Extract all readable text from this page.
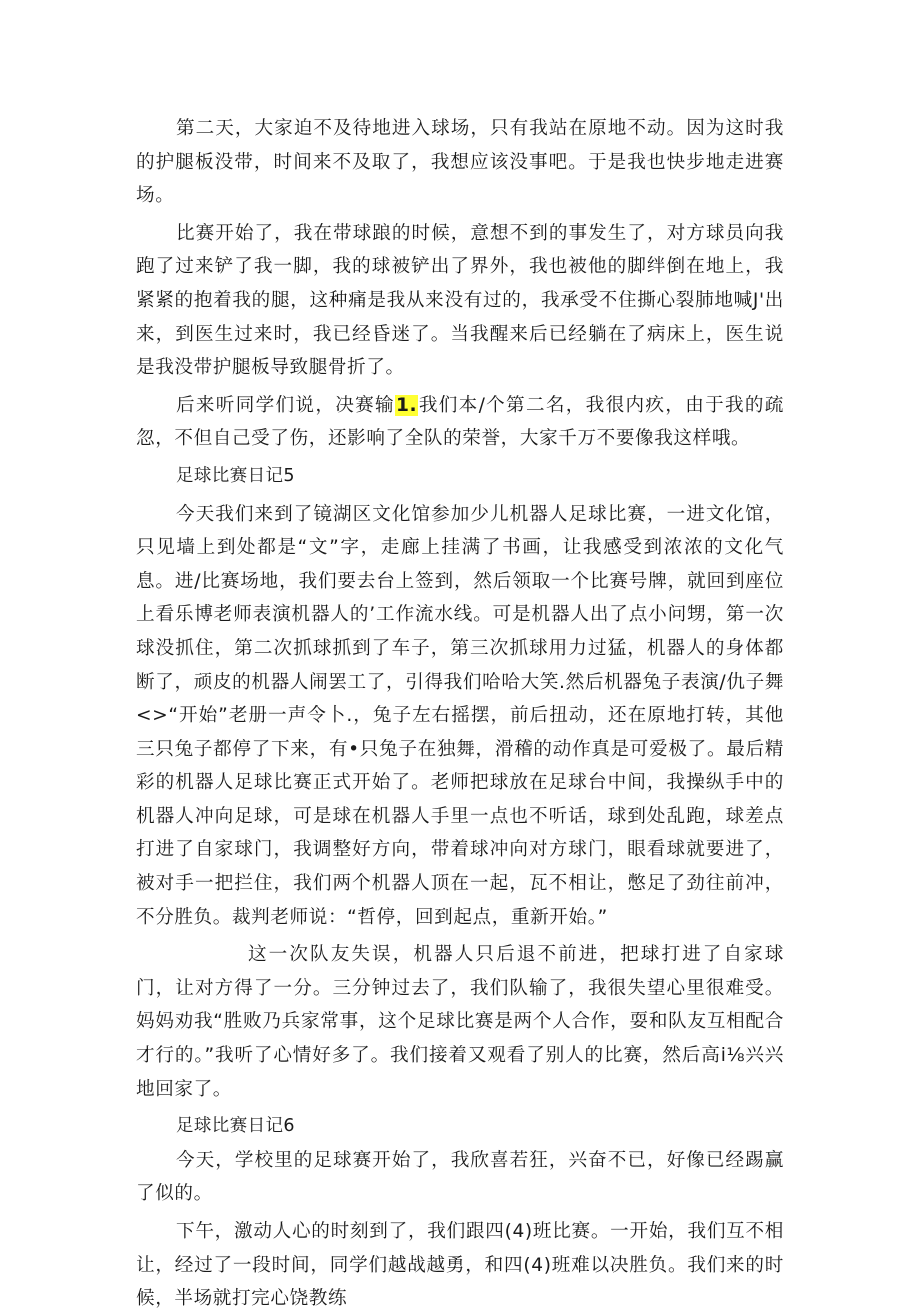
第二天，大家迫不及待地进入球场，只有我站在原地不动。因为这时我的护腿板没带，时间来不及取了，我想应该没事吧。于是我也快步地走进赛场。

比赛开始了，我在带球踉的时候，意想不到的事发生了，对方球员向我跑了过来铲了我一脚，我的球被铲出了界外，我也被他的脚绊倒在地上，我紧紧的抱着我的腿，这种痛是我从来没有过的，我承受不住撕心裂肺地喊J'出来，到医生过来时，我已经昏迷了。当我醒来后已经躺在了病床上，医生说是我没带护腿板导致腿骨折了。

后来听同学们说，决赛输1.我们本/个第二名，我很内疚，由于我的疏忽，不但自己受了伤，还影响了全队的荣誉，大家千万不要像我这样哦。

足球比赛日记5

今天我们来到了镜湖区文化馆参加少儿机器人足球比赛，一进文化馆，只见墙上到处都是“文”字，走廊上挂满了书画，让我感受到浓浓的文化气息。进/比赛场地，我们要去台上签到，然后领取一个比赛号牌，就回到座位上看乐博老师表演机器人的’工作流水线。可是机器人出了点小问甥，第一次球没抓住，第二次抓球抓到了车子，第三次抓球用力过猛，机器人的身体都断了，顽皮的机器人闹罢工了，引得我们哈哈大笑.然后机器兔子表演/仇子舞<>“开始”老册一声令卜.，兔子左右摇摆，前后扭动，还在原地打转，其他三只兔子都停了下来，有•只兔子在独舞，滑稽的动作真是可爱极了。最后精彩的机器人足球比赛正式开始了。老师把球放在足球台中间，我操纵手中的机器人冲向足球，可是球在机器人手里一点也不听话，球到处乱跑，球差点打进了自家球门，我调整好方向，带着球冲向对方球门，眼看球就要进了，被对手一把拦住，我们两个机器人顶在一起，瓦不相让，憋足了劲往前冲，不分胜负。裁判老师说：“哲停，回到起点，重新开始。”

这一次队友失误，机器人只后退不前进，把球打进了自家球门，让对方得了一分。三分钟过去了，我们队输了，我很失望心里很难受。妈妈劝我“胜败乃兵家常事，这个足球比赛是两个人合作，耍和队友互相配合才行的。”我听了心情好多了。我们接着又观看了别人的比赛，然后高i⅛兴兴地回家了。

足球比赛日记6

今天，学校里的足球赛开始了，我欣喜若狂，兴奋不已，好像已经踢赢了似的。

下午，激动人心的时刻到了，我们跟四(4)班比赛。一开始，我们互不相让，经过了一段时间，同学们越战越勇，和四(4)班难以决胜负。我们来的时候，半场就打完心饶教练
